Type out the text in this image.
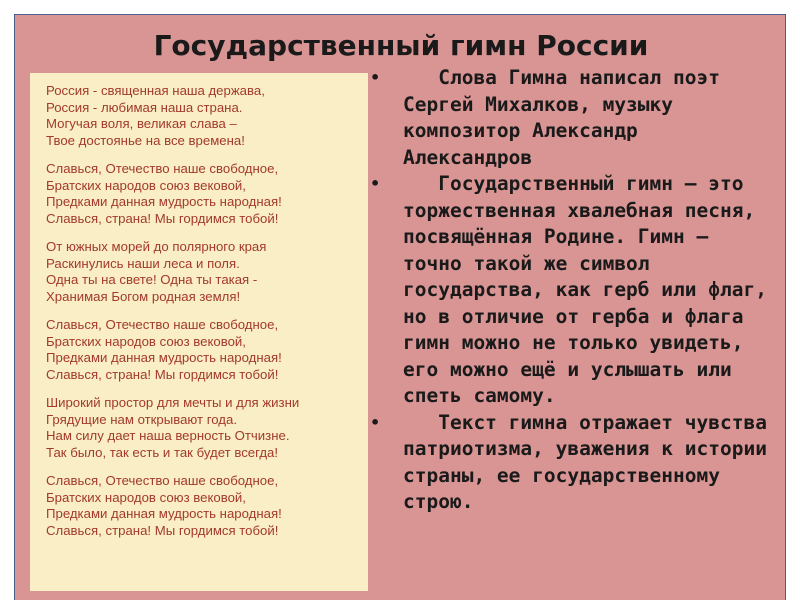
Государственный гимн России
Россия - священная наша держава,
Россия - любимая наша страна.
Могучая воля, великая слава –
Твое достоянье на все времена!
Славься, Отечество наше свободное,
Братских народов союз вековой,
Предками данная мудрость народная!
Славься, страна! Мы гордимся тобой!
От южных морей до полярного края
Раскинулись наши леса и поля.
Одна ты на свете! Одна ты такая -
Хранимая Богом родная земля!
Славься, Отечество наше свободное,
Братских народов союз вековой,
Предками данная мудрость народная!
Славься, страна! Мы гордимся тобой!
Широкий простор для мечты и для жизни
Грядущие нам открывают года.
Нам силу дает наша верность Отчизне.
Так было, так есть и так будет всегда!
Славься, Отечество наше свободное,
Братских народов союз вековой,
Предками данная мудрость народная!
Славься, страна! Мы гордимся тобой!
• Слова Гимна написал поэт Сергей Михалков, музыку композитор Александр Александров
• Государственный гимн — это торжественная хвалебная песня, посвящённая Родине. Гимн — точно такой же символ государства, как герб или флаг, но в отличие от герба и флага гимн можно не только увидеть, его можно ещё и услышать или спеть самому.
• Текст гимна отражает чувства патриотизма, уважения к истории страны, ее государственному строю.
